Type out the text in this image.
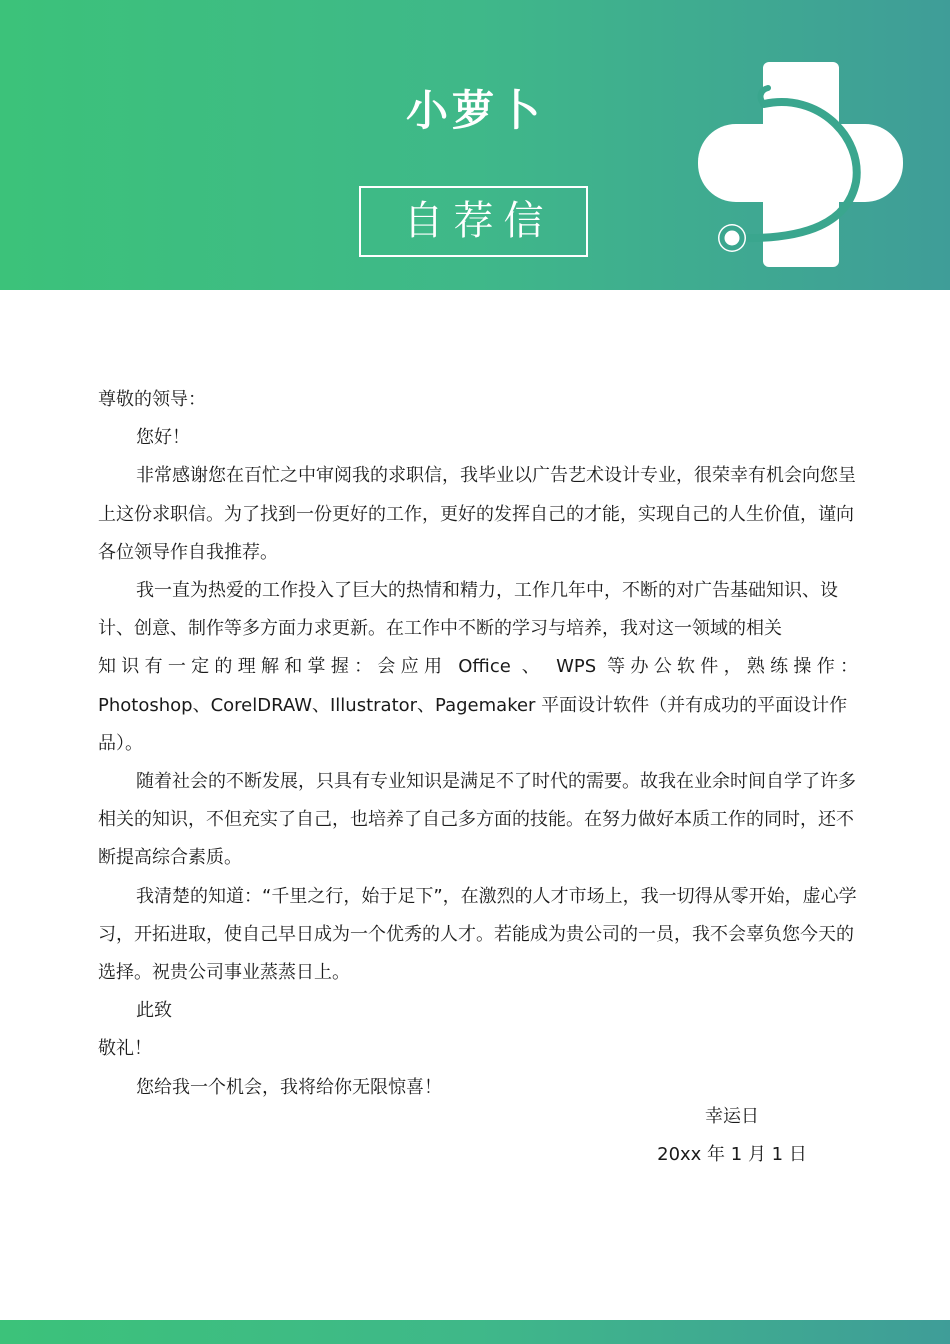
小萝卜
自荐信

尊敬的领导：

您好！

非常感谢您在百忙之中审阅我的求职信，我毕业以广告艺术设计专业，很荣幸有机会向您呈上这份求职信。为了找到一份更好的工作，更好的发挥自己的才能，实现自己的人生价值，谨向各位领导作自我推荐。

我一直为热爱的工作投入了巨大的热情和精力，工作几年中，不断的对广告基础知识、设计、创意、制作等多方面力求更新。在工作中不断的学习与培养，我对这一领域的相关

知识有一定的理解和掌握：会应用 Office 、 WPS 等办公软件，熟练操作：

Photoshop、CorelDRAW、Illustrator、Pagemaker 平面设计软件（并有成功的平面设计作品）。

随着社会的不断发展，只具有专业知识是满足不了时代的需要。故我在业余时间自学了许多相关的知识，不但充实了自己，也培养了自己多方面的技能。在努力做好本质工作的同时，还不断提高综合素质。

我清楚的知道：“千里之行，始于足下”，在激烈的人才市场上，我一切得从零开始，虚心学习，开拓进取，使自己早日成为一个优秀的人才。若能成为贵公司的一员，我不会辜负您今天的选择。祝贵公司事业蒸蒸日上。

此致

敬礼！

您给我一个机会，我将给你无限惊喜！

幸运日

20xx 年 1 月 1 日
